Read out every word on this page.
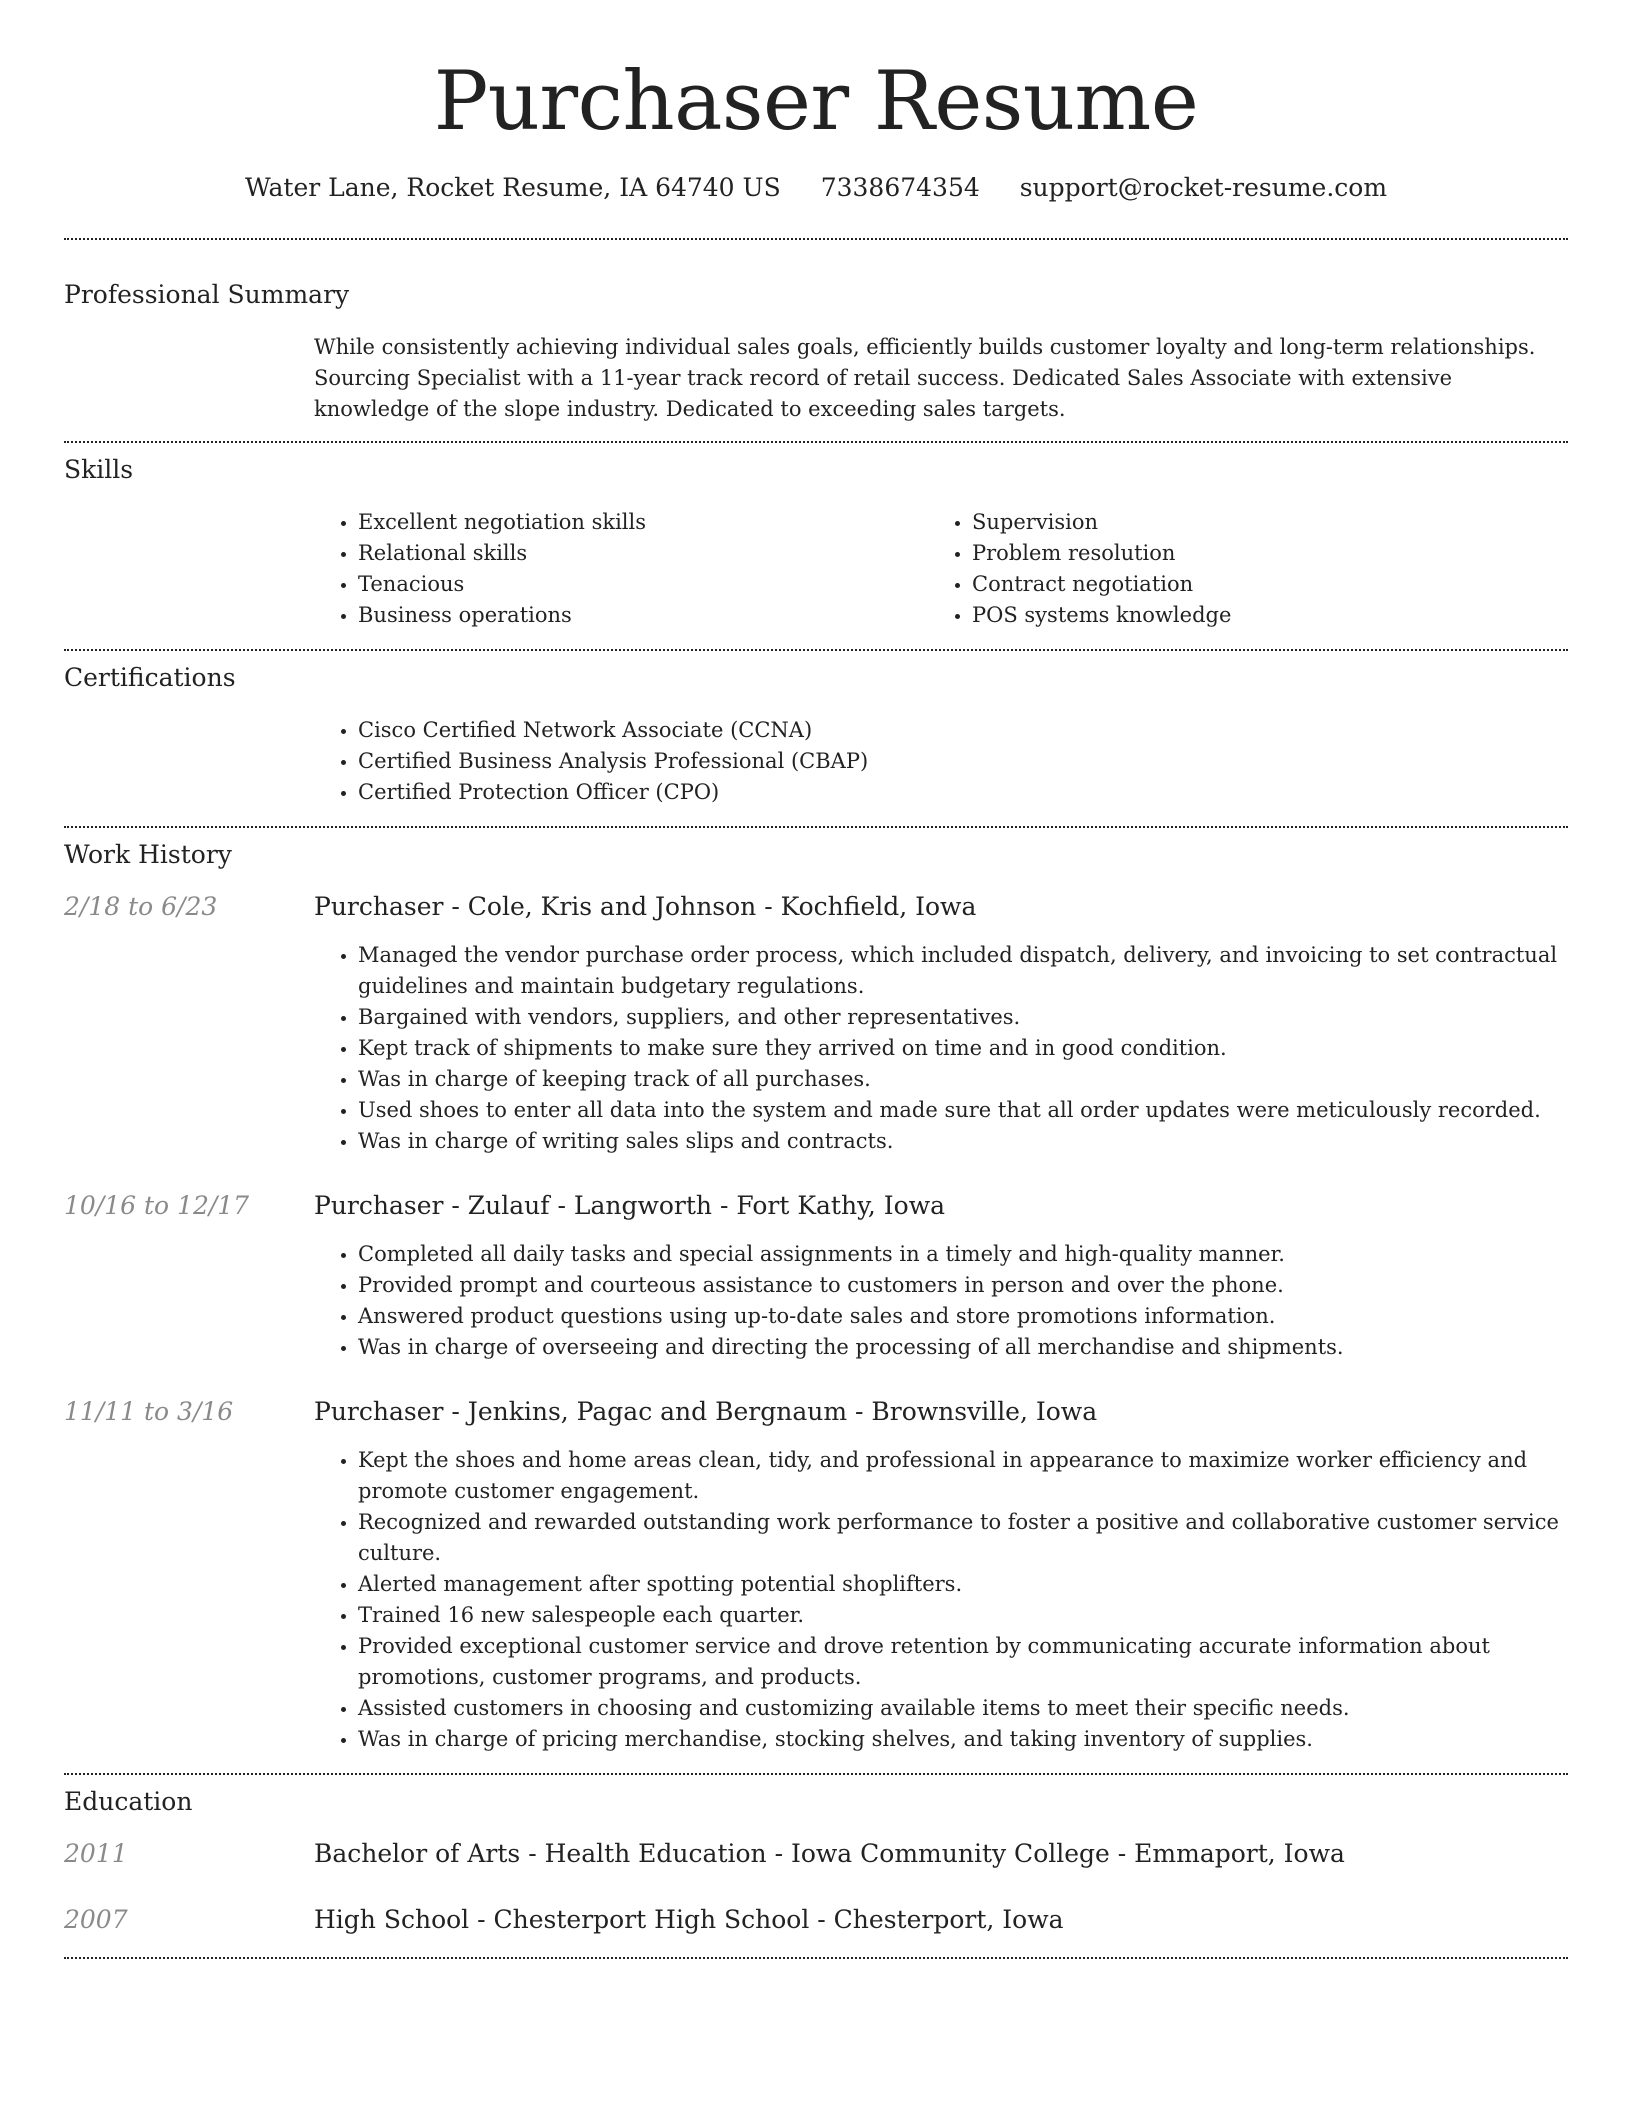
Purchaser Resume
Water Lane, Rocket Resume, IA 64740 US 7338674354 support@rocket-resume.com
Professional Summary
While consistently achieving individual sales goals, efficiently builds customer loyalty and long-term relationships. Sourcing Specialist with a 11-year track record of retail success. Dedicated Sales Associate with extensive knowledge of the slope industry. Dedicated to exceeding sales targets.
Skills
• Excellent negotiation skills
• Relational skills
• Tenacious
• Business operations
• Supervision
• Problem resolution
• Contract negotiation
• POS systems knowledge
Certifications
• Cisco Certified Network Associate (CCNA)
• Certified Business Analysis Professional (CBAP)
• Certified Protection Officer (CPO)
Work History
2/18 to 6/23	Purchaser - Cole, Kris and Johnson - Kochfield, Iowa
• Managed the vendor purchase order process, which included dispatch, delivery, and invoicing to set contractual guidelines and maintain budgetary regulations.
• Bargained with vendors, suppliers, and other representatives.
• Kept track of shipments to make sure they arrived on time and in good condition.
• Was in charge of keeping track of all purchases.
• Used shoes to enter all data into the system and made sure that all order updates were meticulously recorded.
• Was in charge of writing sales slips and contracts.
10/16 to 12/17	Purchaser - Zulauf - Langworth - Fort Kathy, Iowa
• Completed all daily tasks and special assignments in a timely and high-quality manner.
• Provided prompt and courteous assistance to customers in person and over the phone.
• Answered product questions using up-to-date sales and store promotions information.
• Was in charge of overseeing and directing the processing of all merchandise and shipments.
11/11 to 3/16	Purchaser - Jenkins, Pagac and Bergnaum - Brownsville, Iowa
• Kept the shoes and home areas clean, tidy, and professional in appearance to maximize worker efficiency and promote customer engagement.
• Recognized and rewarded outstanding work performance to foster a positive and collaborative customer service culture.
• Alerted management after spotting potential shoplifters.
• Trained 16 new salespeople each quarter.
• Provided exceptional customer service and drove retention by communicating accurate information about promotions, customer programs, and products.
• Assisted customers in choosing and customizing available items to meet their specific needs.
• Was in charge of pricing merchandise, stocking shelves, and taking inventory of supplies.
Education
2011	Bachelor of Arts - Health Education - Iowa Community College - Emmaport, Iowa
2007	High School - Chesterport High School - Chesterport, Iowa
